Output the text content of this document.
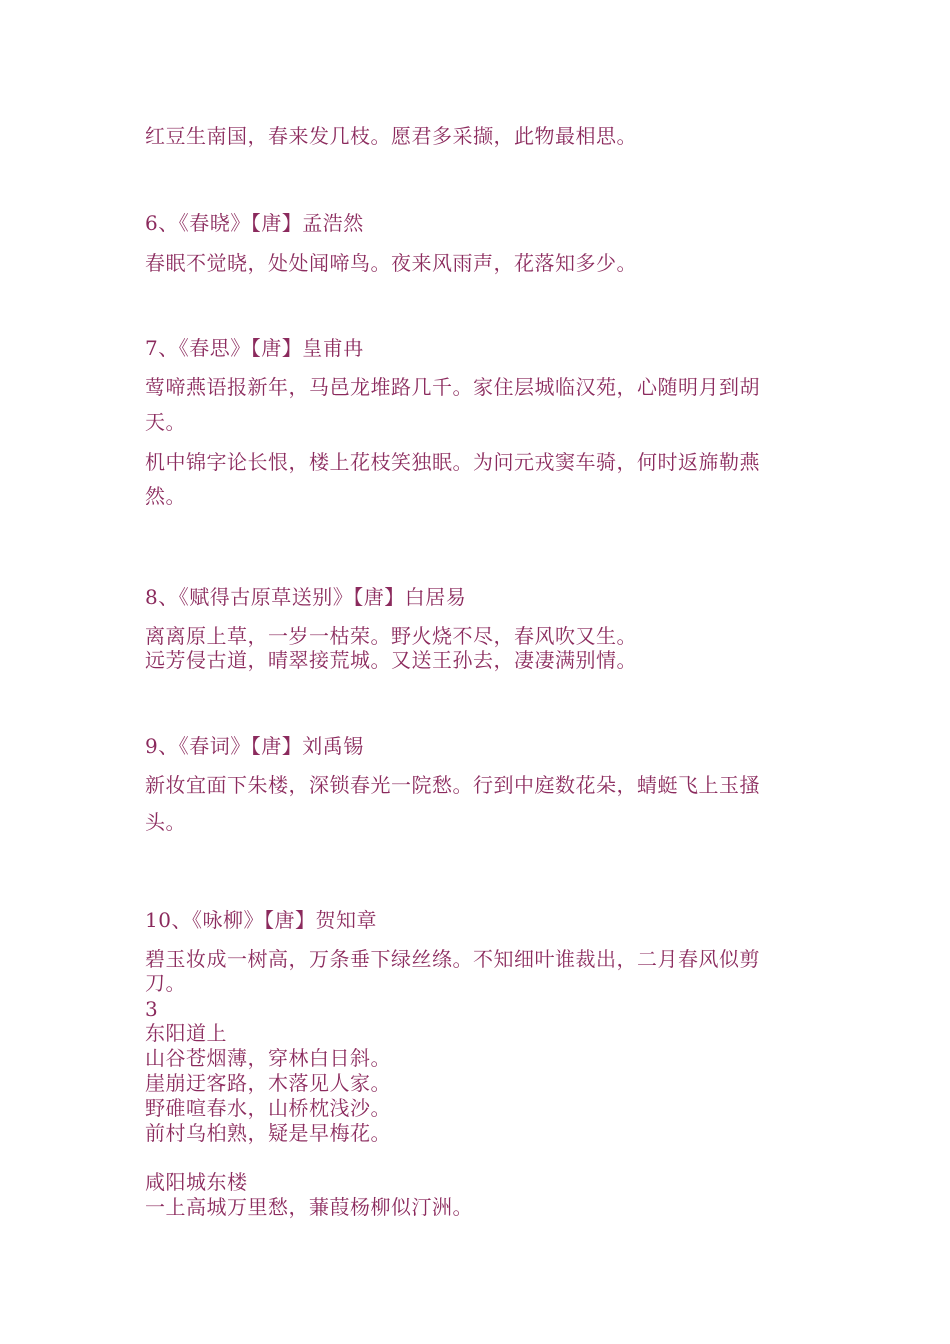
红豆生南国，春来发几枝。愿君多采撷，此物最相思。
6、《春晓》【唐】孟浩然
春眠不觉晓，处处闻啼鸟。夜来风雨声，花落知多少。
7、《春思》【唐】皇甫冉
莺啼燕语报新年，马邑龙堆路几千。家住层城临汉苑，心随明月到胡
天。
机中锦字论长恨，楼上花枝笑独眠。为问元戎窦车骑，何时返旆勒燕
然。
8、《赋得古原草送别》【唐】白居易
离离原上草，一岁一枯荣。野火烧不尽，春风吹又生。
远芳侵古道，晴翠接荒城。又送王孙去，凄凄满别情。
9、《春词》【唐】刘禹锡
新妆宜面下朱楼，深锁春光一院愁。行到中庭数花朵，蜻蜓飞上玉搔
头。
10、《咏柳》【唐】贺知章
碧玉妆成一树高，万条垂下绿丝绦。不知细叶谁裁出，二月春风似剪
刀。
3
东阳道上
山谷苍烟薄，穿林白日斜。
崖崩迂客路，木落见人家。
野碓喧春水，山桥枕浅沙。
前村乌桕熟，疑是早梅花。
咸阳城东楼
一上高城万里愁，蒹葭杨柳似汀洲。
